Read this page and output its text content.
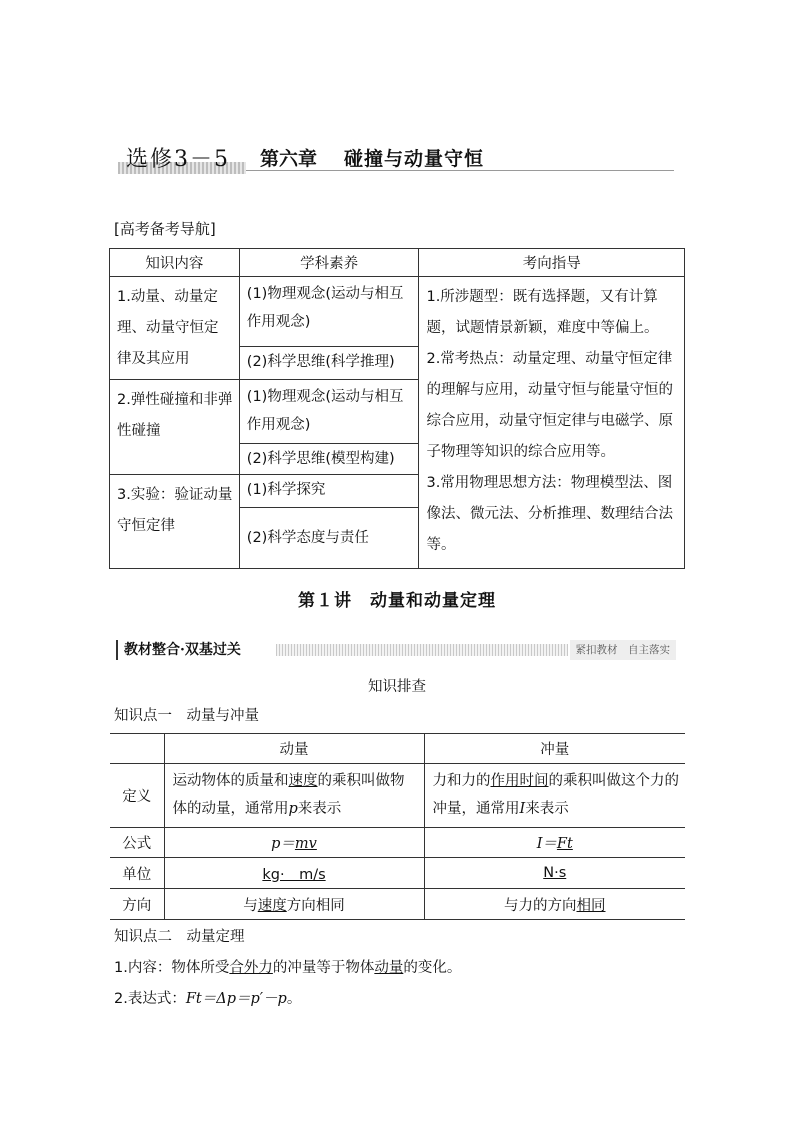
选修3－5 第六章 碰撞与动量守恒
[高考备考导航]
知识内容	学科素养	考向指导

1.动量、动量定理、动量守恒定律及其应用	(1)物理观念(运动与相互作用观念)	1.所涉题型：既有选择题，又有计算题，试题情景新颖，难度中等偏上。
2.常考热点：动量定理、动量守恒定律的理解与应用，动量守恒与能量守恒的综合应用，动量守恒定律与电磁学、原子物理等知识的综合应用等。
3.常用物理思想方法：物理模型法、图像法、微元法、分析推理、数理结合法等。

	(2)科学思维(科学推理)	

2.弹性碰撞和非弹性碰撞	(1)物理观念(运动与相互作用观念)	

	(2)科学思维(模型构建)	

3.实验：验证动量守恒定律	(1)科学探究	

	(2)科学态度与责任	
第１讲　动量和动量定理
教材整合·双基过关	紧扣教材　自主落实
知识排查
知识点一　动量与冲量
	动量	冲量
定义	运动物体的质量和速度的乘积叫做物体的动量，通常用p来表示	力和力的作用时间的乘积叫做这个力的冲量，通常用I来表示
公式	p＝mv	I＝Ft
单位	kg·　m/s	N·s
方向	与速度方向相同	与力的方向相同
知识点二　动量定理
1.内容：物体所受合外力的冲量等于物体动量的变化。
2.表达式：Ft＝Δp＝p′－p。
